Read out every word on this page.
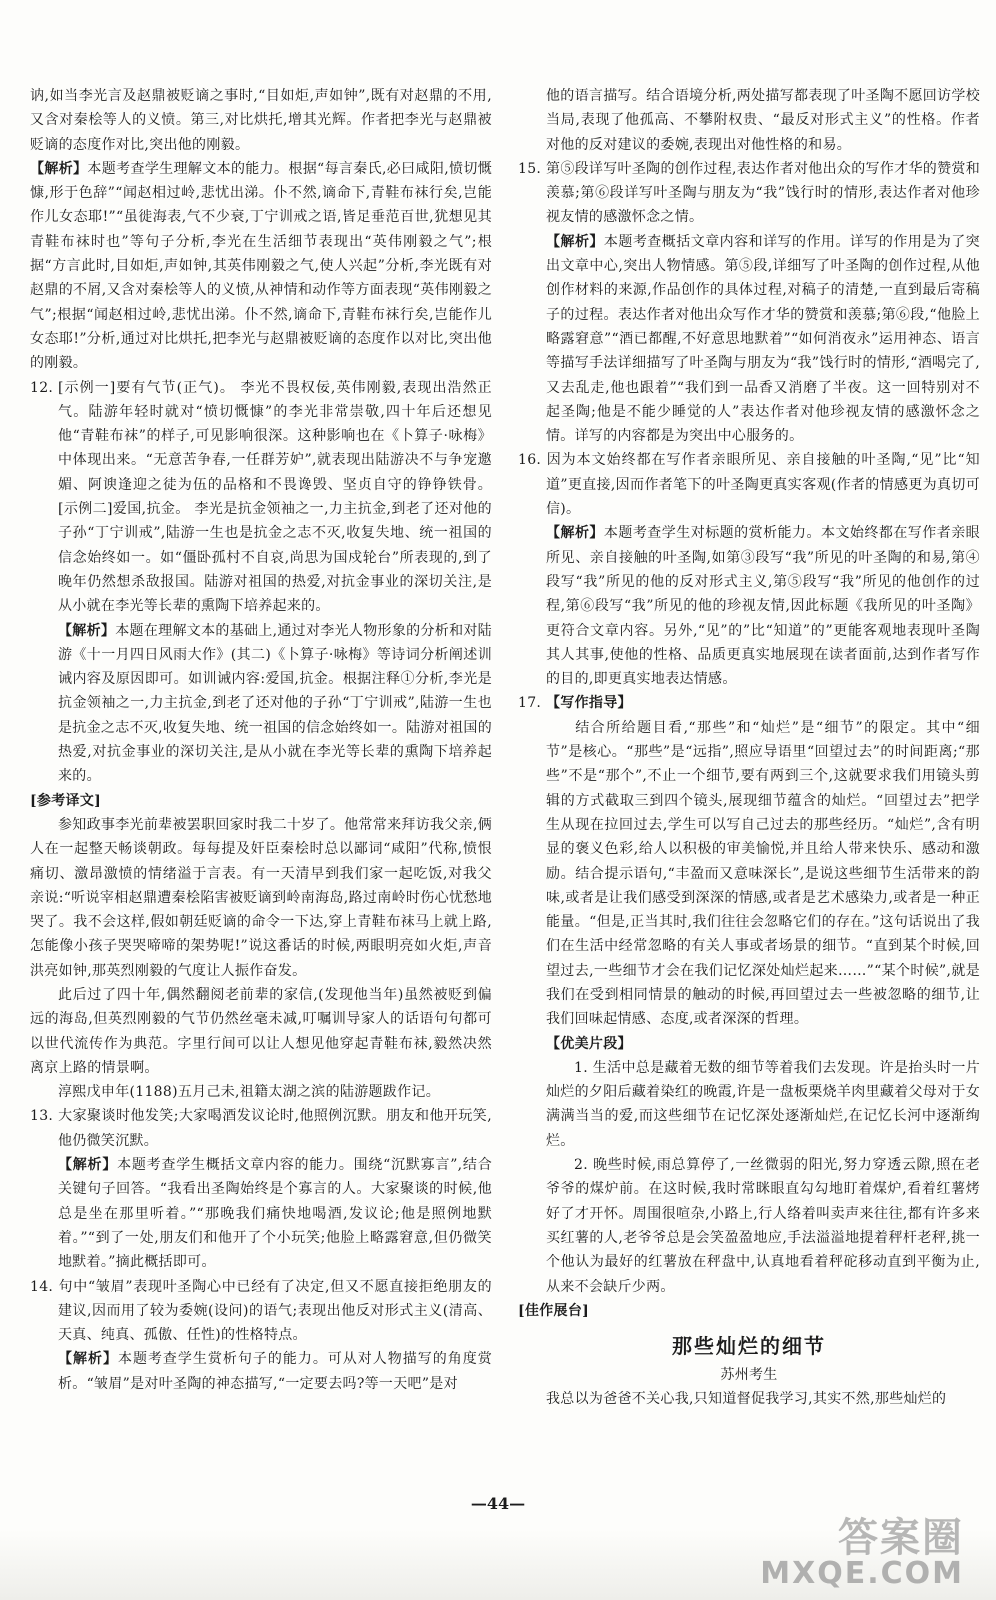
讷,如当李光言及赵鼎被贬谪之事时,“目如炬,声如钟”,既有对赵鼎的不用,又含对秦桧等人的义愤。第三,对比烘托,增其光辉。作者把李光与赵鼎被贬谪的态度作对比,突出他的刚毅。

【解析】本题考查学生理解文本的能力。根据“每言秦氏,必曰咸阳,愤切慨慷,形于色辞”“闻赵相过岭,悲忧出涕。仆不然,谪命下,青鞋布袜行矣,岂能作儿女态耶!”“虽徙海表,气不少衰,丁宁训戒之语,皆足垂范百世,犹想见其青鞋布袜时也”等句子分析,李光在生活细节表现出“英伟刚毅之气”;根据“方言此时,目如炬,声如钟,其英伟刚毅之气,使人兴起”分析,李光既有对赵鼎的不屑,又含对秦桧等人的义愤,从神情和动作等方面表现“英伟刚毅之气”;根据“闻赵相过岭,悲忧出涕。仆不然,谪命下,青鞋布袜行矣,岂能作儿女态耶!”分析,通过对比烘托,把李光与赵鼎被贬谪的态度作以对比,突出他的刚毅。

12. [示例一]要有气节(正气)。 李光不畏权佞,英伟刚毅,表现出浩然正气。陆游年轻时就对“愤切慨慷”的李光非常崇敬,四十年后还想见他“青鞋布袜”的样子,可见影响很深。这种影响也在《卜算子·咏梅》中体现出来。“无意苦争春,一任群芳妒”,就表现出陆游决不与争宠邀媚、阿谀逢迎之徒为伍的品格和不畏谗毁、坚贞自守的铮铮铁骨。 [示例二]爱国,抗金。 李光是抗金领袖之一,力主抗金,到老了还对他的子孙“丁宁训戒”,陆游一生也是抗金之志不灭,收复失地、统一祖国的信念始终如一。如“僵卧孤村不自哀,尚思为国戍轮台”所表现的,到了晚年仍然想杀敌报国。陆游对祖国的热爱,对抗金事业的深切关注,是从小就在李光等长辈的熏陶下培养起来的。

【解析】本题在理解文本的基础上,通过对李光人物形象的分析和对陆游《十一月四日风雨大作》(其二)《卜算子·咏梅》等诗词分析阐述训诫内容及原因即可。如训诫内容:爱国,抗金。根据注释①分析,李光是抗金领袖之一,力主抗金,到老了还对他的子孙“丁宁训戒”,陆游一生也是抗金之志不灭,收复失地、统一祖国的信念始终如一。陆游对祖国的热爱,对抗金事业的深切关注,是从小就在李光等长辈的熏陶下培养起来的。

[参考译文]

参知政事李光前辈被罢职回家时我二十岁了。他常常来拜访我父亲,俩人在一起整天畅谈朝政。每每提及奸臣秦桧时总以鄙词“咸阳”代称,愤恨痛切、激昂激愤的情绪溢于言表。有一天清早到我们家一起吃饭,对我父亲说:“听说宰相赵鼎遭秦桧陷害被贬谪到岭南海岛,路过南岭时伤心忧愁地哭了。我不会这样,假如朝廷贬谪的命令一下达,穿上青鞋布袜马上就上路,怎能像小孩子哭哭啼啼的架势呢!”说这番话的时候,两眼明亮如火炬,声音洪亮如钟,那英烈刚毅的气度让人振作奋发。

此后过了四十年,偶然翻阅老前辈的家信,(发现他当年)虽然被贬到偏远的海岛,但英烈刚毅的气节仍然丝毫未减,叮嘱训导家人的话语句句都可以世代流传作为典范。字里行间可以让人想见他穿起青鞋布袜,毅然决然离京上路的情景啊。

淳熙戊申年(1188)五月己未,祖籍太湖之滨的陆游题跋作记。

13. 大家聚谈时他发笑;大家喝酒发议论时,他照例沉默。朋友和他开玩笑,他仍微笑沉默。

【解析】本题考查学生概括文章内容的能力。围绕“沉默寡言”,结合关键句子回答。“我看出圣陶始终是个寡言的人。大家聚谈的时候,他总是坐在那里听着。”“那晚我们痛快地喝酒,发议论;他是照例地默着。”“到了一处,朋友们和他开了个小玩笑;他脸上略露窘意,但仍微笑地默着。”摘此概括即可。

14. 句中“皱眉”表现叶圣陶心中已经有了决定,但又不愿直接拒绝朋友的建议,因而用了较为委婉(设问)的语气;表现出他反对形式主义(清高、天真、纯真、孤傲、任性)的性格特点。

【解析】本题考查学生赏析句子的能力。可从对人物描写的角度赏析。“皱眉”是对叶圣陶的神态描写,“一定要去吗?等一天吧”是对

他的语言描写。结合语境分析,两处描写都表现了叶圣陶不愿回访学校当局,表现了他孤高、不攀附权贵、“最反对形式主义”的性格。作者对他的反对建议的委婉,表现出对他性格的和易。

15. 第⑤段详写叶圣陶的创作过程,表达作者对他出众的写作才华的赞赏和羡慕;第⑥段详写叶圣陶与朋友为“我”饯行时的情形,表达作者对他珍视友情的感激怀念之情。

【解析】本题考查概括文章内容和详写的作用。详写的作用是为了突出文章中心,突出人物情感。第⑤段,详细写了叶圣陶的创作过程,从他创作材料的来源,作品创作的具体过程,对稿子的清楚,一直到最后寄稿子的过程。表达作者对他出众写作才华的赞赏和羡慕;第⑥段,“他脸上略露窘意”“酒已都醒,不好意思地默着”“如何消夜永”运用神态、语言等描写手法详细描写了叶圣陶与朋友为“我”饯行时的情形,“酒喝完了,又去乱走,他也跟着”“我们到一品香又消磨了半夜。这一回特别对不起圣陶;他是不能少睡觉的人”表达作者对他珍视友情的感激怀念之情。详写的内容都是为突出中心服务的。

16. 因为本文始终都在写作者亲眼所见、亲自接触的叶圣陶,“见”比“知道”更直接,因而作者笔下的叶圣陶更真实客观(作者的情感更为真切可信)。

【解析】本题考查学生对标题的赏析能力。本文始终都在写作者亲眼所见、亲自接触的叶圣陶,如第③段写“我”所见的叶圣陶的和易,第④段写“我”所见的他的反对形式主义,第⑤段写“我”所见的他创作的过程,第⑥段写“我”所见的他的珍视友情,因此标题《我所见的叶圣陶》更符合文章内容。另外,“见”的”比“知道”的”更能客观地表现叶圣陶其人其事,使他的性格、品质更真实地展现在读者面前,达到作者写作的目的,即更真实地表达情感。

17. 【写作指导】

结合所给题目看,“那些”和“灿烂”是“细节”的限定。其中“细节”是核心。“那些”是“远指”,照应导语里“回望过去”的时间距离;“那些”不是“那个”,不止一个细节,要有两到三个,这就要求我们用镜头剪辑的方式截取三到四个镜头,展现细节蕴含的灿烂。“回望过去”把学生从现在拉回过去,学生可以写自己过去的那些经历。“灿烂”,含有明显的褒义色彩,给人以积极的审美愉悦,并且给人带来快乐、感动和激励。结合提示语句,“丰盈而又意味深长”,是说这些细节生活带来的韵味,或者是让我们感受到深深的情感,或者是艺术感染力,或者是一种正能量。“但是,正当其时,我们往往会忽略它们的存在。”这句话说出了我们在生活中经常忽略的有关人事或者场景的细节。“直到某个时候,回望过去,一些细节才会在我们记忆深处灿烂起来……”“某个时候”,就是我们在受到相同情景的触动的时候,再回望过去一些被忽略的细节,让我们回味起情感、态度,或者深深的哲理。

【优美片段】

1. 生活中总是藏着无数的细节等着我们去发现。许是抬头时一片灿烂的夕阳后藏着染红的晚霞,许是一盘板栗烧羊肉里藏着父母对于女满满当当的爱,而这些细节在记忆深处逐渐灿烂,在记忆长河中逐渐绚烂。

2. 晚些时候,雨总算停了,一丝微弱的阳光,努力穿透云隙,照在老爷爷的煤炉前。在这时候,我时常眯眼直勾勾地盯着煤炉,看着红薯烤好了才开怀。周围很喧杂,小路上,行人络着叫卖声来往往,都有许多来买红薯的人,老爷爷总是会笑盈盈地应,手法溢溢地提着秤杆老秤,挑一个他认为最好的红薯放在秤盘中,认真地看着秤砣移动直到平衡为止,从来不会缺斤少两。

[佳作展台]

那些灿烂的细节

苏州考生

我总以为爸爸不关心我,只知道督促我学习,其实不然,那些灿烂的

—44—
答案圈
MXQE.COM
